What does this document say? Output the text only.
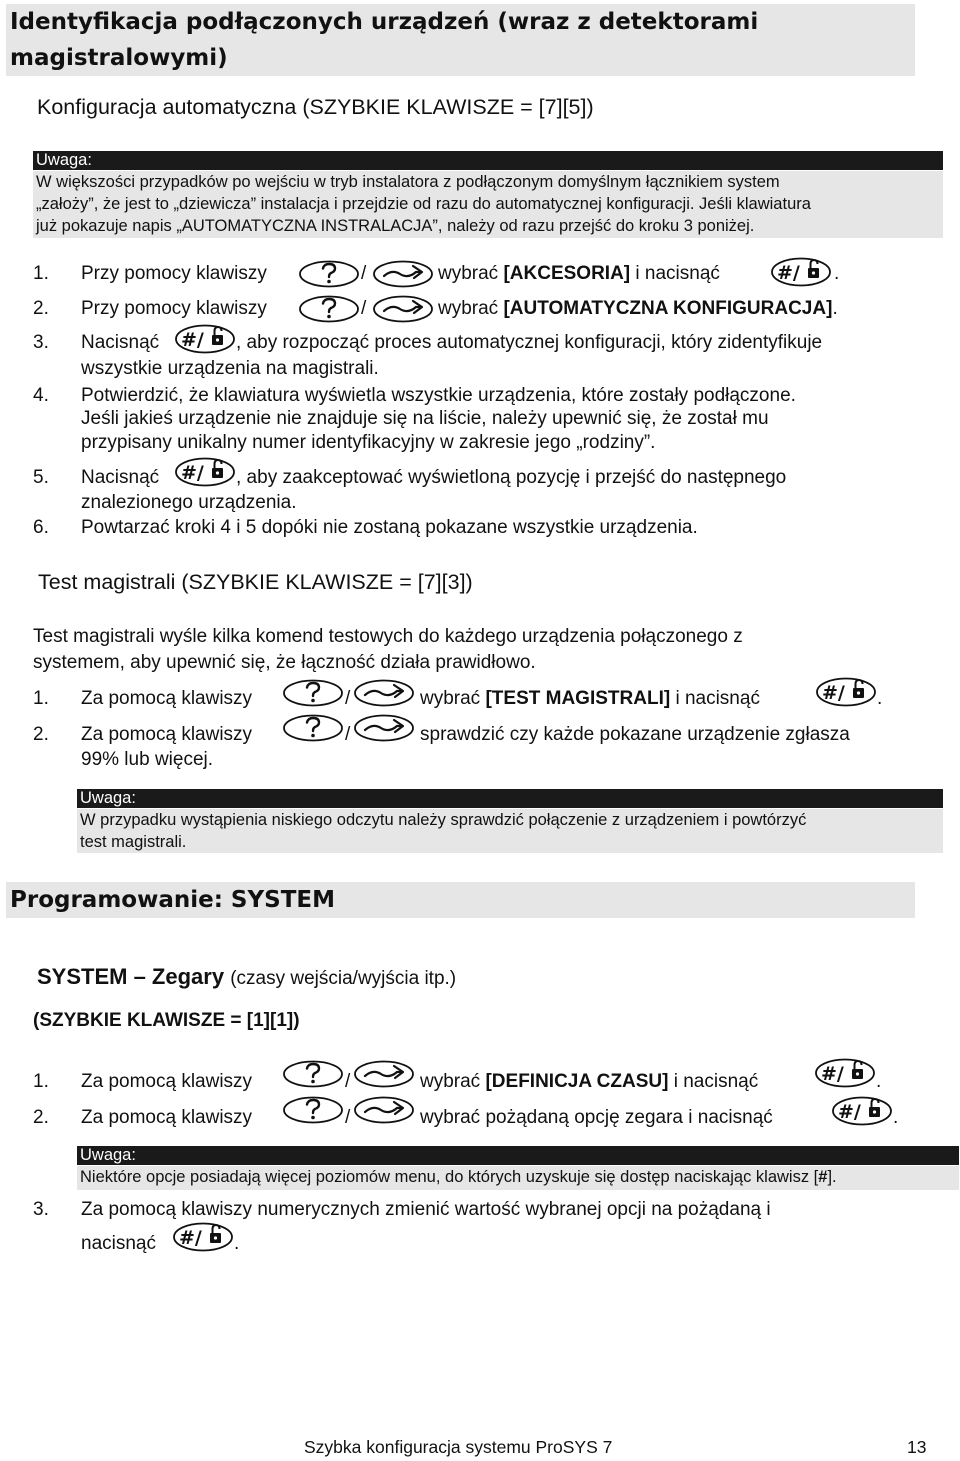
Identyfikacja podłączonych urządzeń (wraz z detektorami
magistralowymi)
Konfiguracja automatyczna (SZYBKIE KLAWISZE = [7][5])
Uwaga:
W większości przypadków po wejściu w tryb instalatora z podłączonym domyślnym łącznikiem system
„założy”, że jest to „dziewicza” instalacja i przejdzie od razu do automatycznej konfiguracji. Jeśli klawiatura
już pokazuje napis „AUTOMATYCZNA INSTRALACJA”, należy od razu przejść do kroku 3 poniżej.
1. Przy pomocy klawiszy	/	wybrać [AKCESORIA] i nacisnąć	.
2. Przy pomocy klawiszy	/	wybrać [AUTOMATYCZNA KONFIGURACJA].
3. Nacisnąć	, aby rozpocząć proces automatycznej konfiguracji, który zidentyfikuje
wszystkie urządzenia na magistrali.
4. Potwierdzić, że klawiatura wyświetla wszystkie urządzenia, które zostały podłączone.
Jeśli jakieś urządzenie nie znajduje się na liście, należy upewnić się, że został mu
przypisany unikalny numer identyfikacyjny w zakresie jego „rodziny”.
5. Nacisnąć	, aby zaakceptować wyświetloną pozycję i przejść do następnego
znalezionego urządzenia.
6. Powtarzać kroki 4 i 5 dopóki nie zostaną pokazane wszystkie urządzenia.
Test magistrali (SZYBKIE KLAWISZE = [7][3])
Test magistrali wyśle kilka komend testowych do każdego urządzenia połączonego z
systemem, aby upewnić się, że łączność działa prawidłowo.
1. Za pomocą klawiszy	/	wybrać [TEST MAGISTRALI] i nacisnąć	.
2. Za pomocą klawiszy	/	sprawdzić czy każde pokazane urządzenie zgłasza
99% lub więcej.
Uwaga:
W przypadku wystąpienia niskiego odczytu należy sprawdzić połączenie z urządzeniem i powtórzyć
test magistrali.
Programowanie: SYSTEM
SYSTEM – Zegary (czasy wejścia/wyjścia itp.)
(SZYBKIE KLAWISZE = [1][1])
1. Za pomocą klawiszy	/	wybrać [DEFINICJA CZASU] i nacisnąć	.
2. Za pomocą klawiszy	/	wybrać pożądaną opcję zegara i nacisnąć	.
Uwaga:
Niektóre opcje posiadają więcej poziomów menu, do których uzyskuje się dostęp naciskając klawisz [#].
3. Za pomocą klawiszy numerycznych zmienić wartość wybranej opcji na pożądaną i
nacisnąć	.
Szybka konfiguracja systemu ProSYS 7	13
